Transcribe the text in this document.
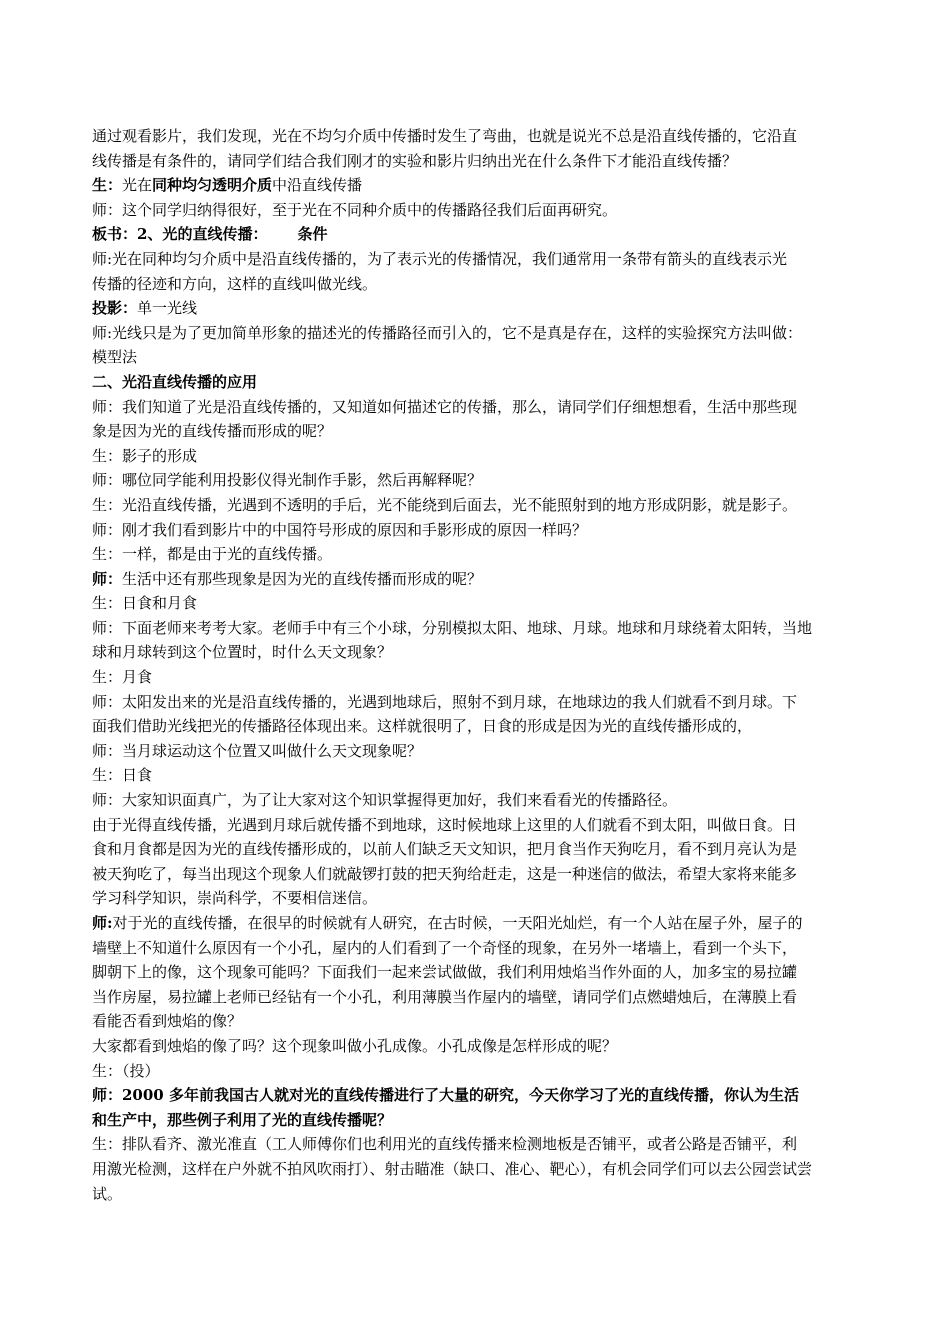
通过观看影片，我们发现，光在不均匀介质中传播时发生了弯曲，也就是说光不总是沿直线传播的，它沿直
线传播是有条件的，请同学们结合我们刚才的实验和影片归纳出光在什么条件下才能沿直线传播？
生：光在同种均匀透明介质中沿直线传播
师：这个同学归纳得很好，至于光在不同种介质中的传播路径我们后面再研究。
板书：2、光的直线传播： 条件
师:光在同种均匀介质中是沿直线传播的，为了表示光的传播情况，我们通常用一条带有箭头的直线表示光
传播的径迹和方向，这样的直线叫做光线。
投影：单一光线
师:光线只是为了更加简单形象的描述光的传播路径而引入的，它不是真是存在，这样的实验探究方法叫做：
模型法
二、光沿直线传播的应用
师：我们知道了光是沿直线传播的，又知道如何描述它的传播，那么，请同学们仔细想想看，生活中那些现
象是因为光的直线传播而形成的呢？
生：影子的形成
师：哪位同学能利用投影仪得光制作手影，然后再解释呢？
生：光沿直线传播，光遇到不透明的手后，光不能绕到后面去，光不能照射到的地方形成阴影，就是影子。
师：刚才我们看到影片中的中国符号形成的原因和手影形成的原因一样吗？
生：一样，都是由于光的直线传播。
师：生活中还有那些现象是因为光的直线传播而形成的呢？
生：日食和月食
师：下面老师来考考大家。老师手中有三个小球，分别模拟太阳、地球、月球。地球和月球绕着太阳转，当地
球和月球转到这个位置时，时什么天文现象？
生：月食
师：太阳发出来的光是沿直线传播的，光遇到地球后，照射不到月球，在地球边的我人们就看不到月球。下
面我们借助光线把光的传播路径体现出来。这样就很明了，日食的形成是因为光的直线传播形成的，
师：当月球运动这个位置又叫做什么天文现象呢？
生：日食
师：大家知识面真广，为了让大家对这个知识掌握得更加好，我们来看看光的传播路径。
由于光得直线传播，光遇到月球后就传播不到地球，这时候地球上这里的人们就看不到太阳，叫做日食。日
食和月食都是因为光的直线传播形成的，以前人们缺乏天文知识，把月食当作天狗吃月，看不到月亮认为是
被天狗吃了，每当出现这个现象人们就敲锣打鼓的把天狗给赶走，这是一种迷信的做法，希望大家将来能多
学习科学知识，崇尚科学，不要相信迷信。
师:对于光的直线传播，在很早的时候就有人研究，在古时候，一天阳光灿烂，有一个人站在屋子外，屋子的
墙壁上不知道什么原因有一个小孔，屋内的人们看到了一个奇怪的现象，在另外一堵墙上，看到一个头下，
脚朝下上的像，这个现象可能吗？下面我们一起来尝试做做，我们利用烛焰当作外面的人，加多宝的易拉罐
当作房屋，易拉罐上老师已经钻有一个小孔，利用薄膜当作屋内的墙壁，请同学们点燃蜡烛后，在薄膜上看
看能否看到烛焰的像？
大家都看到烛焰的像了吗？这个现象叫做小孔成像。小孔成像是怎样形成的呢？
生：（投）
师：2000 多年前我国古人就对光的直线传播进行了大量的研究，今天你学习了光的直线传播，你认为生活
和生产中，那些例子利用了光的直线传播呢？
生：排队看齐、激光准直（工人师傅你们也利用光的直线传播来检测地板是否铺平，或者公路是否铺平，利
用激光检测，这样在户外就不拍风吹雨打）、射击瞄准（缺口、准心、靶心），有机会同学们可以去公园尝试尝
试。
